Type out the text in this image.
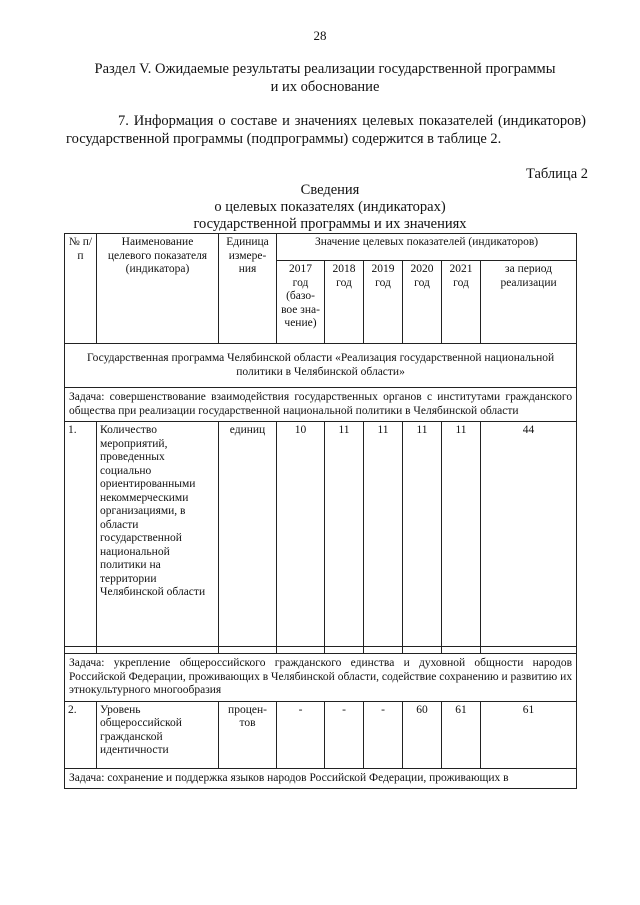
28
Раздел V. Ожидаемые результаты реализации государственной программы
и их обоснование
7. Информация о составе и значениях целевых показателей (индикаторов) государственной программы (подпрограммы) содержится в таблице 2.
Таблица 2
Сведения
о целевых показателях (индикаторах)
государственной программы и их значениях
№ п/п	Наименование целевого показателя (индикатора)	Единица измере-ния	Значение целевых показателей (индикаторов)					
			2017 год (базо-вое зна-чение)	2018 год	2019 год	2020 год	2021 год	за период реализации
Государственная программа Челябинской области «Реализация государственной национальной политики в Челябинской области»								
Задача: совершенствование взаимодействия государственных органов с институтами гражданского общества при реализации государственной национальной политики в Челябинской области								
1.	Количество мероприятий, проведенных социально ориентированными некоммерческими организациями, в области государственной национальной политики на территории Челябинской области	единиц	10	11	11	11	11	44

Задача: укрепление общероссийского гражданского единства и духовной общности народов Российской Федерации, проживающих в Челябинской области, содействие сохранению и развитию их этнокультурного многообразия								
2.	Уровень общероссийской гражданской идентичности	процен-тов	-	-	-	60	61	61
Задача: сохранение и поддержка языков народов Российской Федерации, проживающих в								
